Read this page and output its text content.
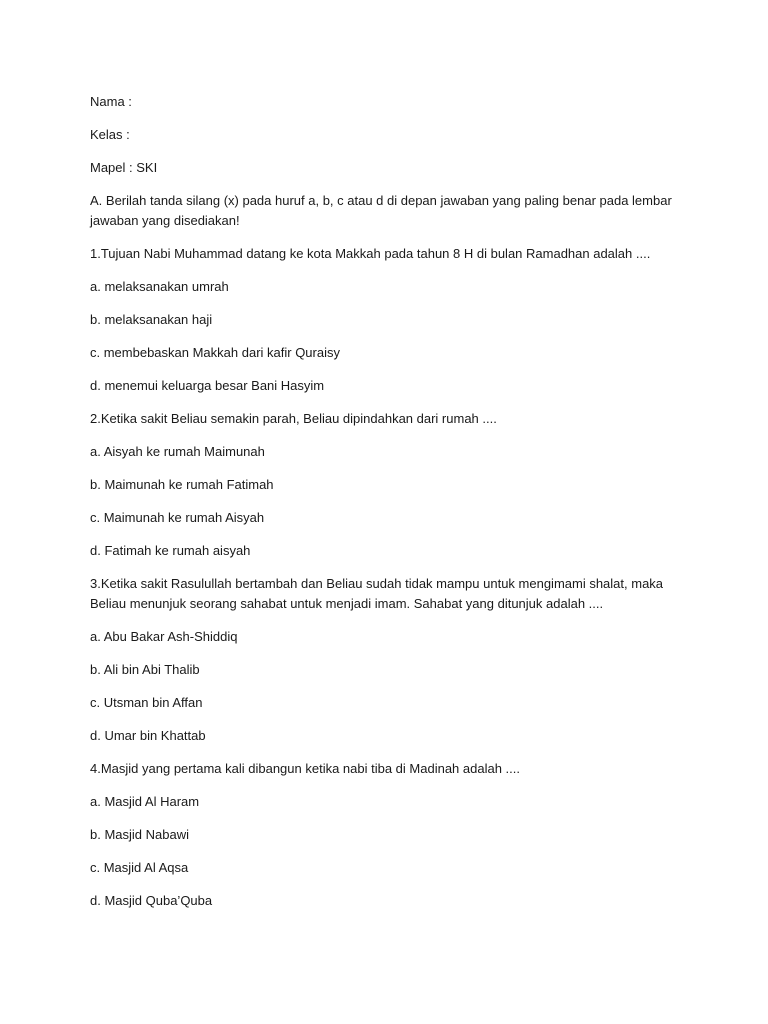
Nama :

Kelas :

Mapel : SKI

A. Berilah tanda silang (x) pada huruf a, b, c atau d di depan jawaban yang paling benar pada lembar jawaban yang disediakan!

1.Tujuan Nabi Muhammad datang ke kota Makkah pada tahun 8 H di bulan Ramadhan adalah ....

a. melaksanakan umrah

b. melaksanakan haji

c. membebaskan Makkah dari kafir Quraisy

d. menemui keluarga besar Bani Hasyim

2.Ketika sakit Beliau semakin parah, Beliau dipindahkan dari rumah ....

a. Aisyah ke rumah Maimunah

b. Maimunah ke rumah Fatimah

c. Maimunah ke rumah Aisyah

d. Fatimah ke rumah aisyah

3.Ketika sakit Rasulullah bertambah dan Beliau sudah tidak mampu untuk mengimami shalat, maka Beliau menunjuk seorang sahabat untuk menjadi imam. Sahabat yang ditunjuk adalah ....

a. Abu Bakar Ash-Shiddiq

b. Ali bin Abi Thalib

c. Utsman bin Affan

d. Umar bin Khattab

4.Masjid yang pertama kali dibangun ketika nabi tiba di Madinah adalah ....

a. Masjid Al Haram

b. Masjid Nabawi

c. Masjid Al Aqsa

d. Masjid Quba’Quba
